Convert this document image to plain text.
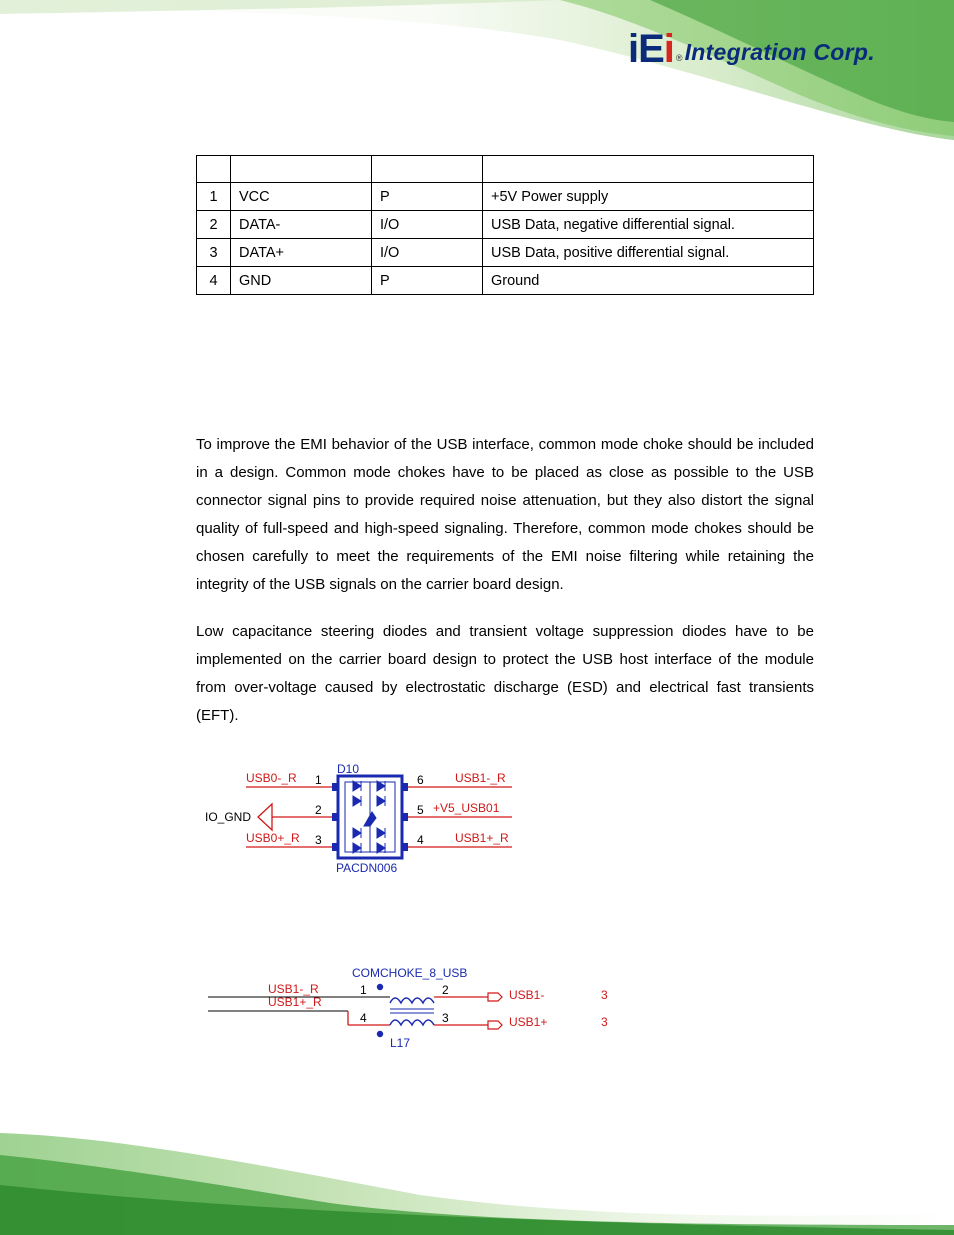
iEi ® Integration Corp.

1	VCC	P	+5V Power supply
2	DATA-	I/O	USB Data, negative differential signal.
3	DATA+	I/O	USB Data, positive differential signal.
4	GND	P	Ground

To improve the EMI behavior of the USB interface, common mode choke should be included in a design. Common mode chokes have to be placed as close as possible to the USB connector signal pins to provide required noise attenuation, but they also distort the signal quality of full-speed and high-speed signaling. Therefore, common mode chokes should be chosen carefully to meet the requirements of the EMI noise filtering while retaining the integrity of the USB signals on the carrier board design.

Low capacitance steering diodes and transient voltage suppression diodes have to be implemented on the carrier board design to protect the USB host interface of the module from over-voltage caused by electrostatic discharge (ESD) and electrical fast transients (EFT).

D10
PACDN006
USB0-_R
IO_GND
USB0+_R
USB1-_R
+V5_USB01
USB1+_R
1
2
3
6
5
4
COMCHOKE_8_USB
L17
USB1-_R
USB1+_R	USB1-
USB1+
1	2
4	3
3
3
